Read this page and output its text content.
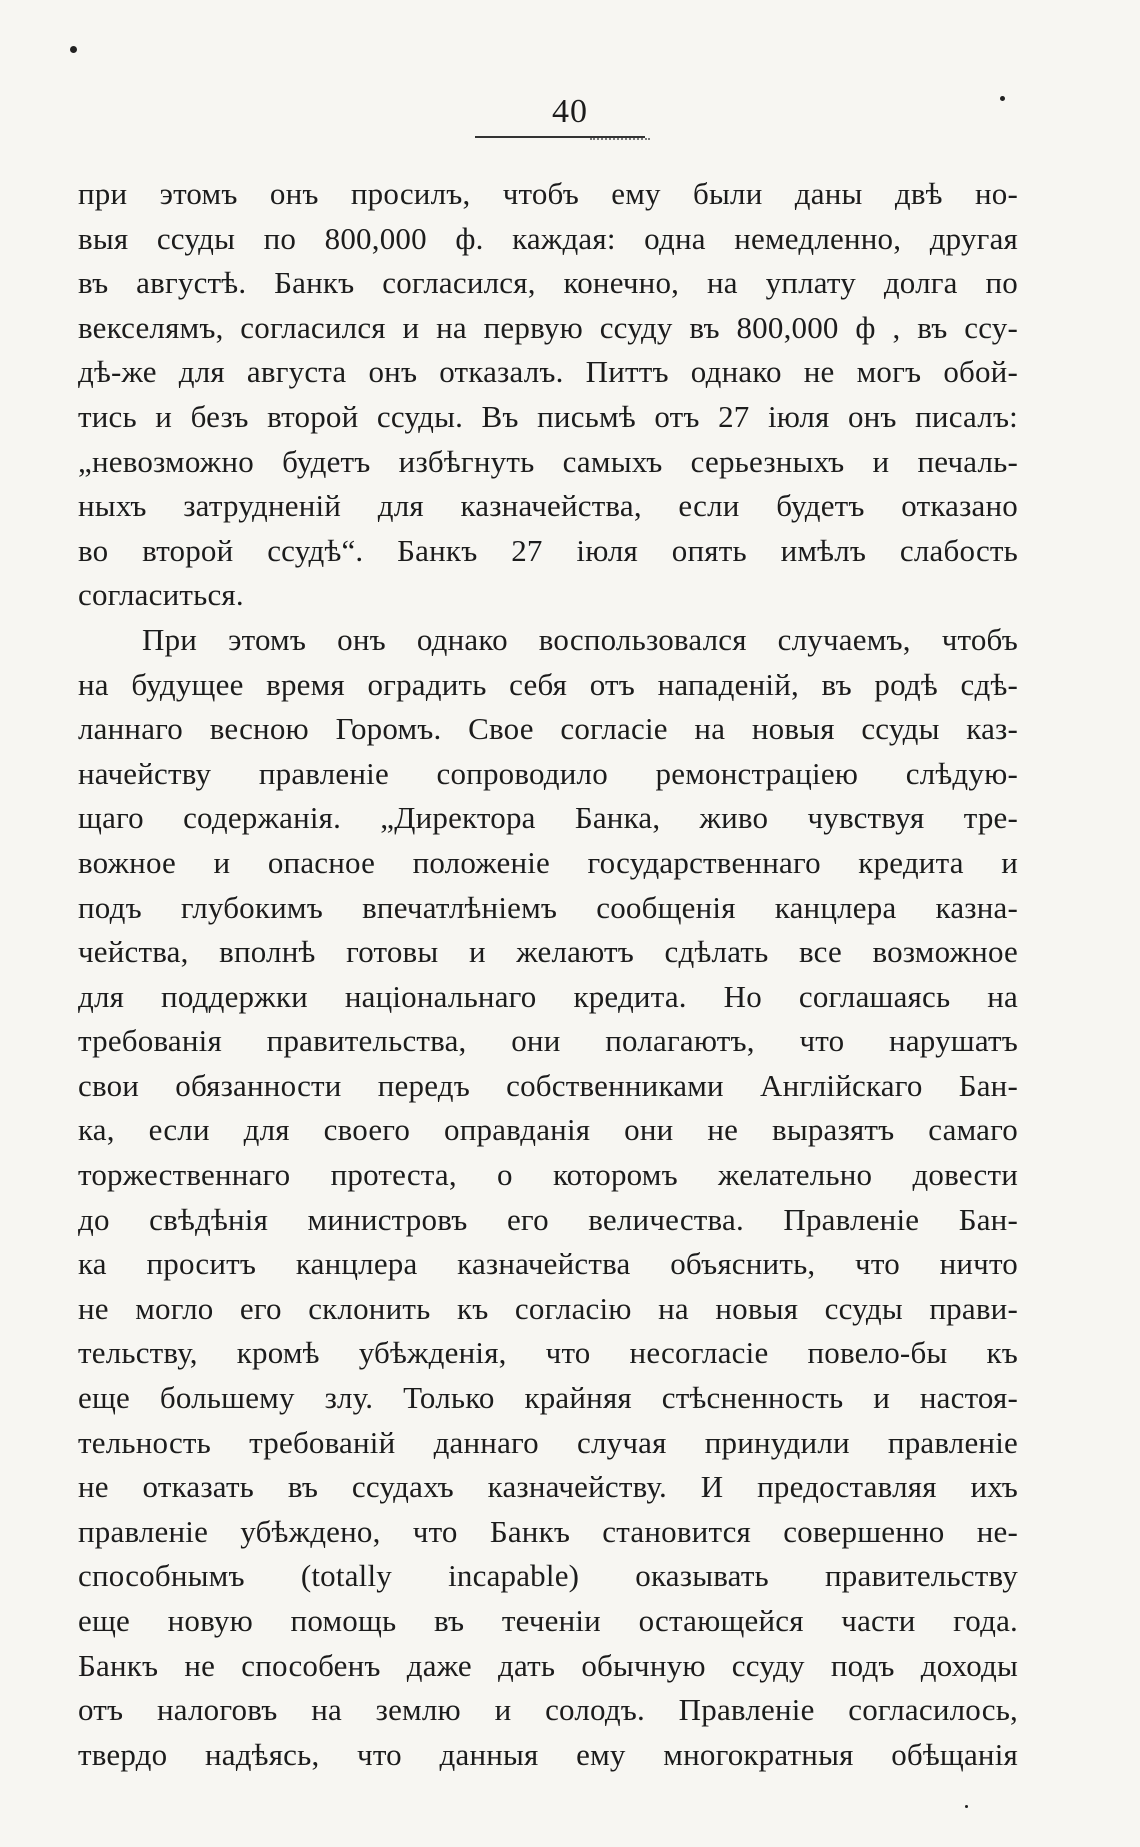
40
при этомъ онъ просилъ, чтобъ ему были даны двѣ но-
выя ссуды по 800,000 ф. каждая: одна немедленно, другая
въ августѣ. Банкъ согласился, конечно, на уплату долга по
векселямъ, согласился и на первую ссуду въ 800,000 ф , въ ссу-
дѣ-же для августа онъ отказалъ. Питтъ однако не могъ обой-
тись и безъ второй ссуды. Въ письмѣ отъ 27 іюля онъ писалъ:
„невозможно будетъ избѣгнуть самыхъ серьезныхъ и печаль-
ныхъ затрудненій для казначейства, если будетъ отказано
во второй ссудѣ“. Банкъ 27 іюля опять имѣлъ слабость
согласиться.
При этомъ онъ однако воспользовался случаемъ, чтобъ
на будущее время оградить себя отъ нападеній, въ родѣ сдѣ-
ланнаго весною Горомъ. Свое согласіе на новыя ссуды каз-
начейству правленіе сопроводило ремонстраціею слѣдую-
щаго содержанія. „Директора Банка, живо чувствуя тре-
вожное и опасное положеніе государственнаго кредита и
подъ глубокимъ впечатлѣніемъ сообщенія канцлера казна-
чейства, вполнѣ готовы и желаютъ сдѣлать все возможное
для поддержки національнаго кредита. Но соглашаясь на
требованія правительства, они полагаютъ, что нарушатъ
свои обязанности передъ собственниками Англійскаго Бан-
ка, если для своего оправданія они не выразятъ самаго
торжественнаго протеста, о которомъ желательно довести
до свѣдѣнія министровъ его величества. Правленіе Бан-
ка проситъ канцлера казначейства объяснить, что ничто
не могло его склонить къ согласію на новыя ссуды прави-
тельству, кромѣ убѣжденія, что несогласіе повело-бы къ
еще большему злу. Только крайняя стѣсненность и настоя-
тельность требованій даннаго случая принудили правленіе
не отказать въ ссудахъ казначейству. И предоставляя ихъ
правленіе убѣждено, что Банкъ становится совершенно не-
способнымъ (totally incapable) оказывать правительству
еще новую помощь въ теченіи остающейся части года.
Банкъ не способенъ даже дать обычную ссуду подъ доходы
отъ налоговъ на землю и солодъ. Правленіе согласилось,
твердо надѣясь, что данныя ему многократныя обѣщанія
